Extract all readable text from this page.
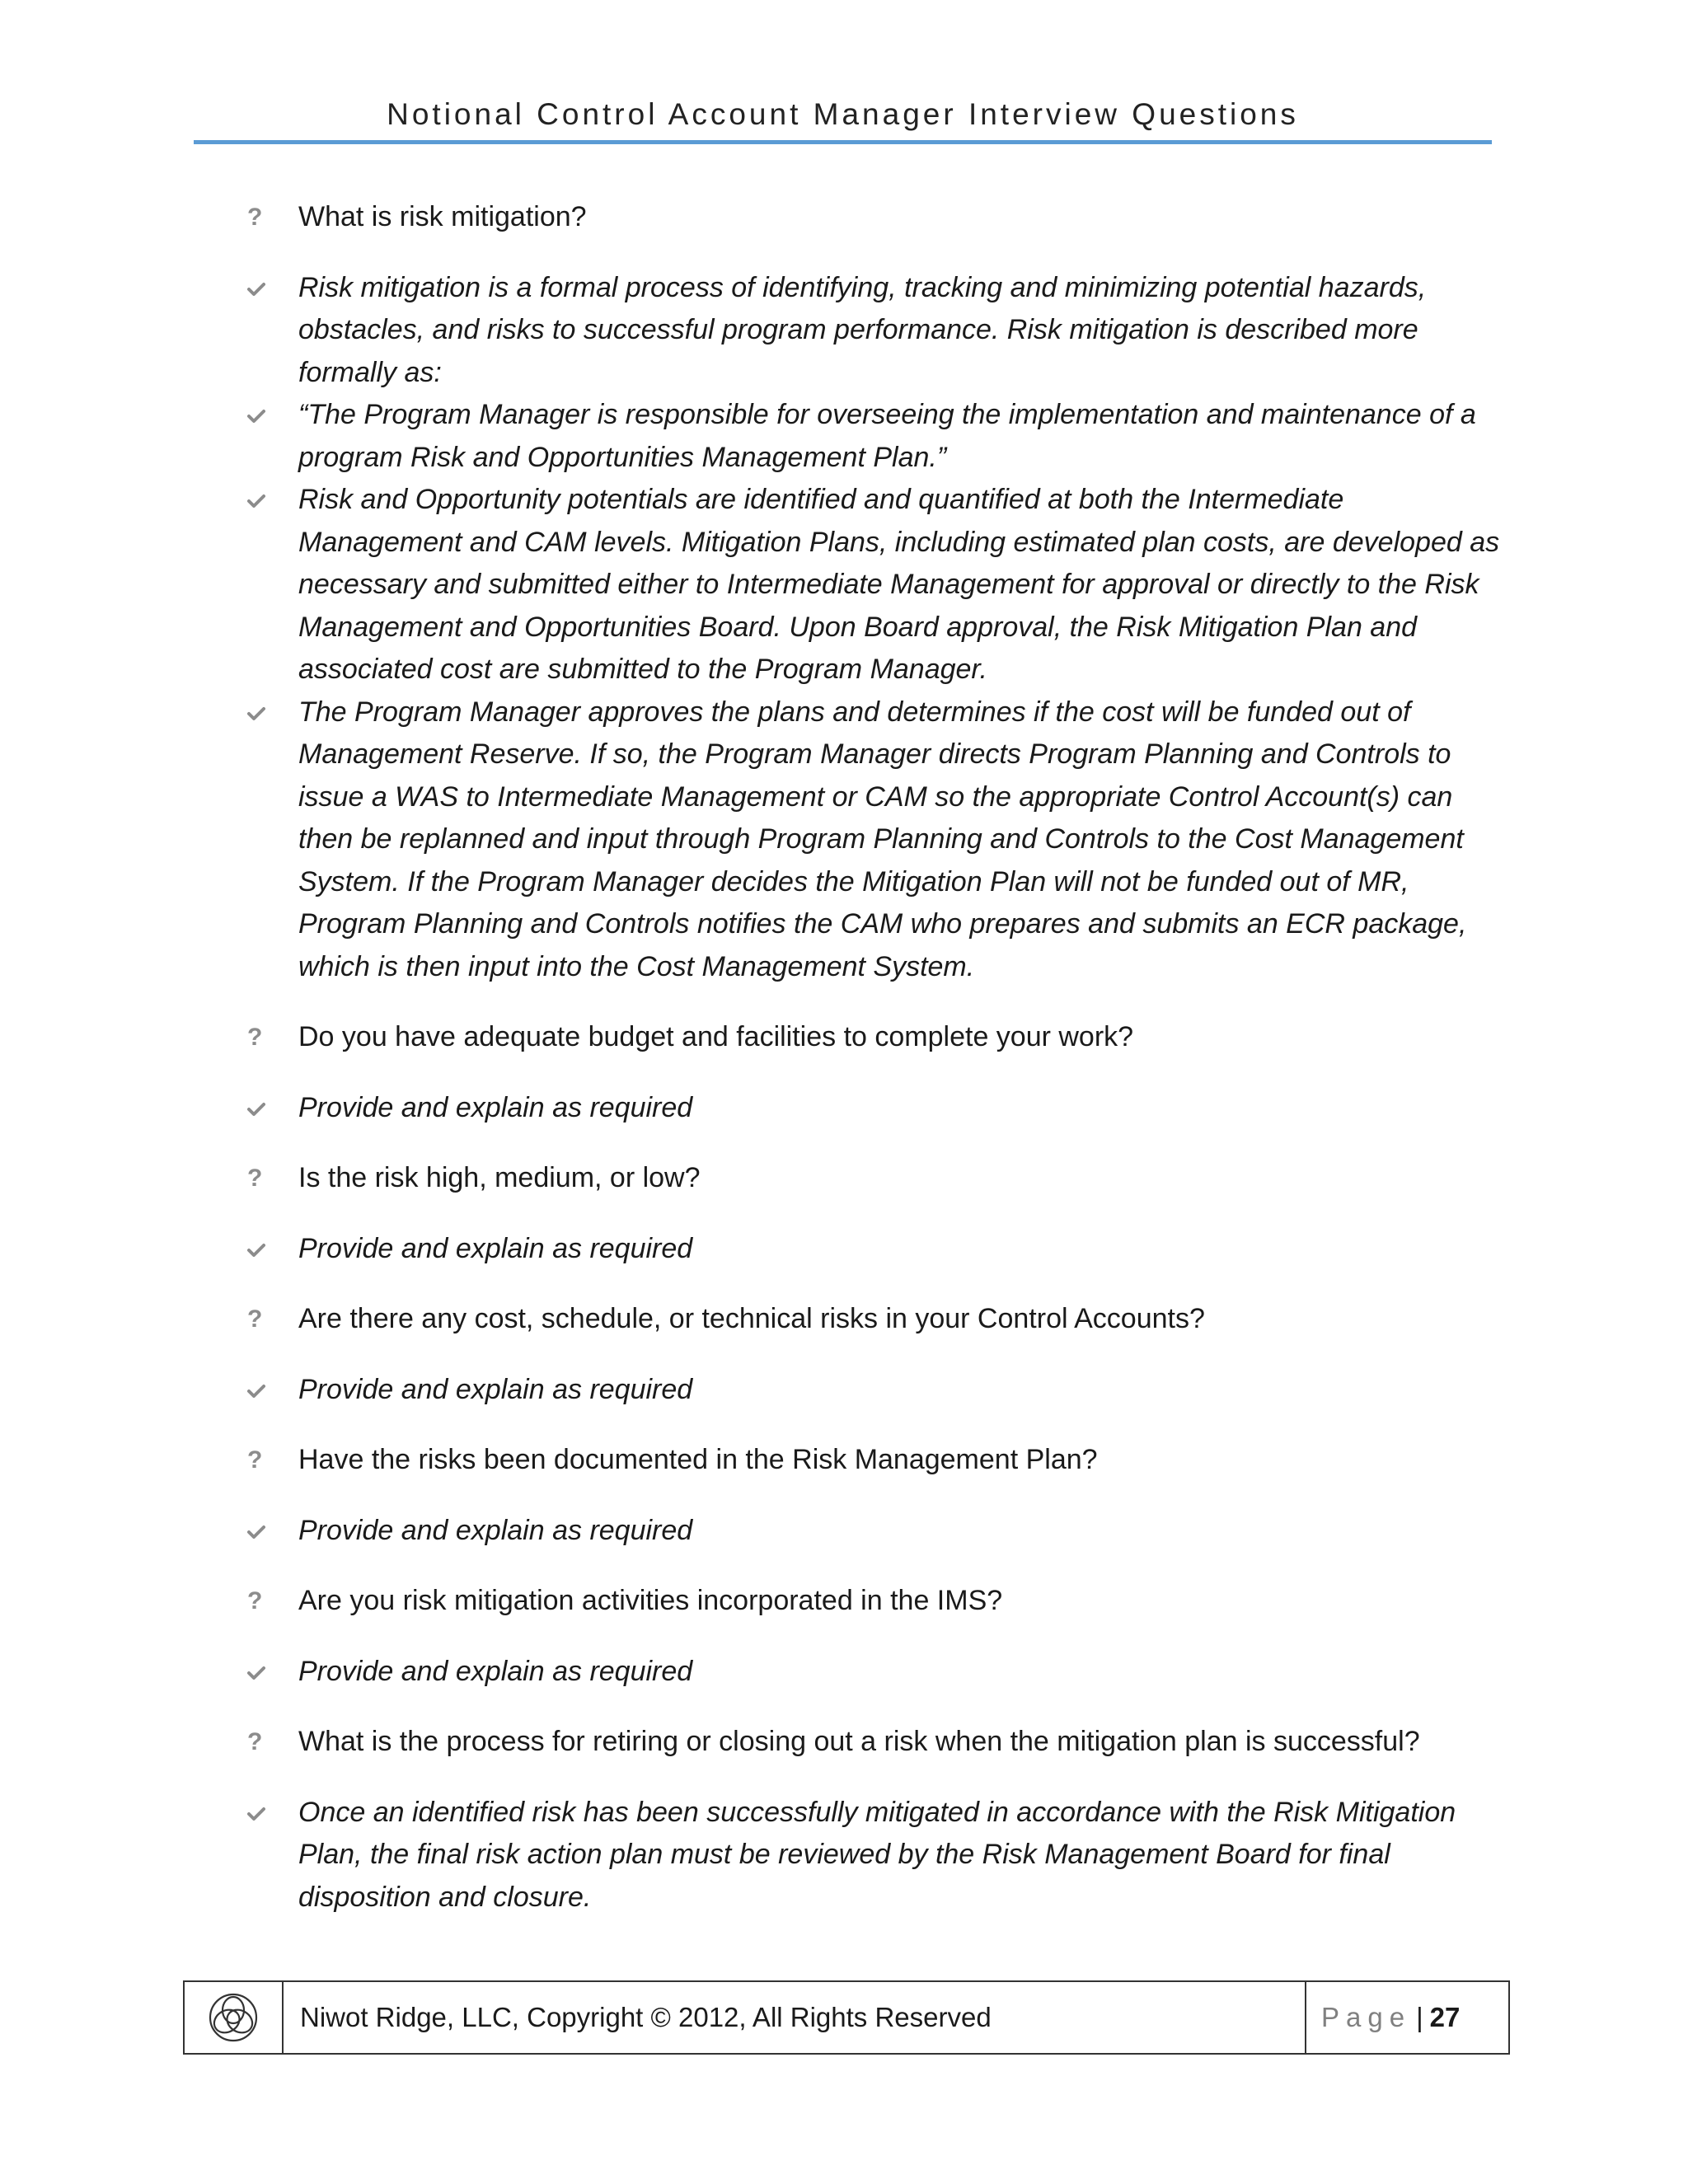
Notional Control Account Manager Interview Questions
?	What is risk mitigation?
Risk mitigation is a formal process of identifying, tracking and minimizing potential hazards, obstacles, and risks to successful program performance. Risk mitigation is described more formally as:
“The Program Manager is responsible for overseeing the implementation and maintenance of a program Risk and Opportunities Management Plan.”
Risk and Opportunity potentials are identified and quantified at both the Intermediate Management and CAM levels. Mitigation Plans, including estimated plan costs, are developed as necessary and submitted either to Intermediate Management for approval or directly to the Risk Management and Opportunities Board. Upon Board approval, the Risk Mitigation Plan and associated cost are submitted to the Program Manager.
The Program Manager approves the plans and determines if the cost will be funded out of Management Reserve. If so, the Program Manager directs Program Planning and Controls to issue a WAS to Intermediate Management or CAM so the appropriate Control Account(s) can then be replanned and input through Program Planning and Controls to the Cost Management System. If the Program Manager decides the Mitigation Plan will not be funded out of MR, Program Planning and Controls notifies the CAM who prepares and submits an ECR package, which is then input into the Cost Management System.
?	Do you have adequate budget and facilities to complete your work?
Provide and explain as required
?	Is the risk high, medium, or low?
Provide and explain as required
?	Are there any cost, schedule, or technical risks in your Control Accounts?
Provide and explain as required
?	Have the risks been documented in the Risk Management Plan?
Provide and explain as required
?	Are you risk mitigation activities incorporated in the IMS?
Provide and explain as required
?	What is the process for retiring or closing out a risk when the mitigation plan is successful?
Once an identified risk has been successfully mitigated in accordance with the Risk Mitigation Plan, the final risk action plan must be reviewed by the Risk Management Board for final disposition and closure.
Niwot Ridge, LLC, Copyright © 2012, All Rights Reserved	Page | 27
